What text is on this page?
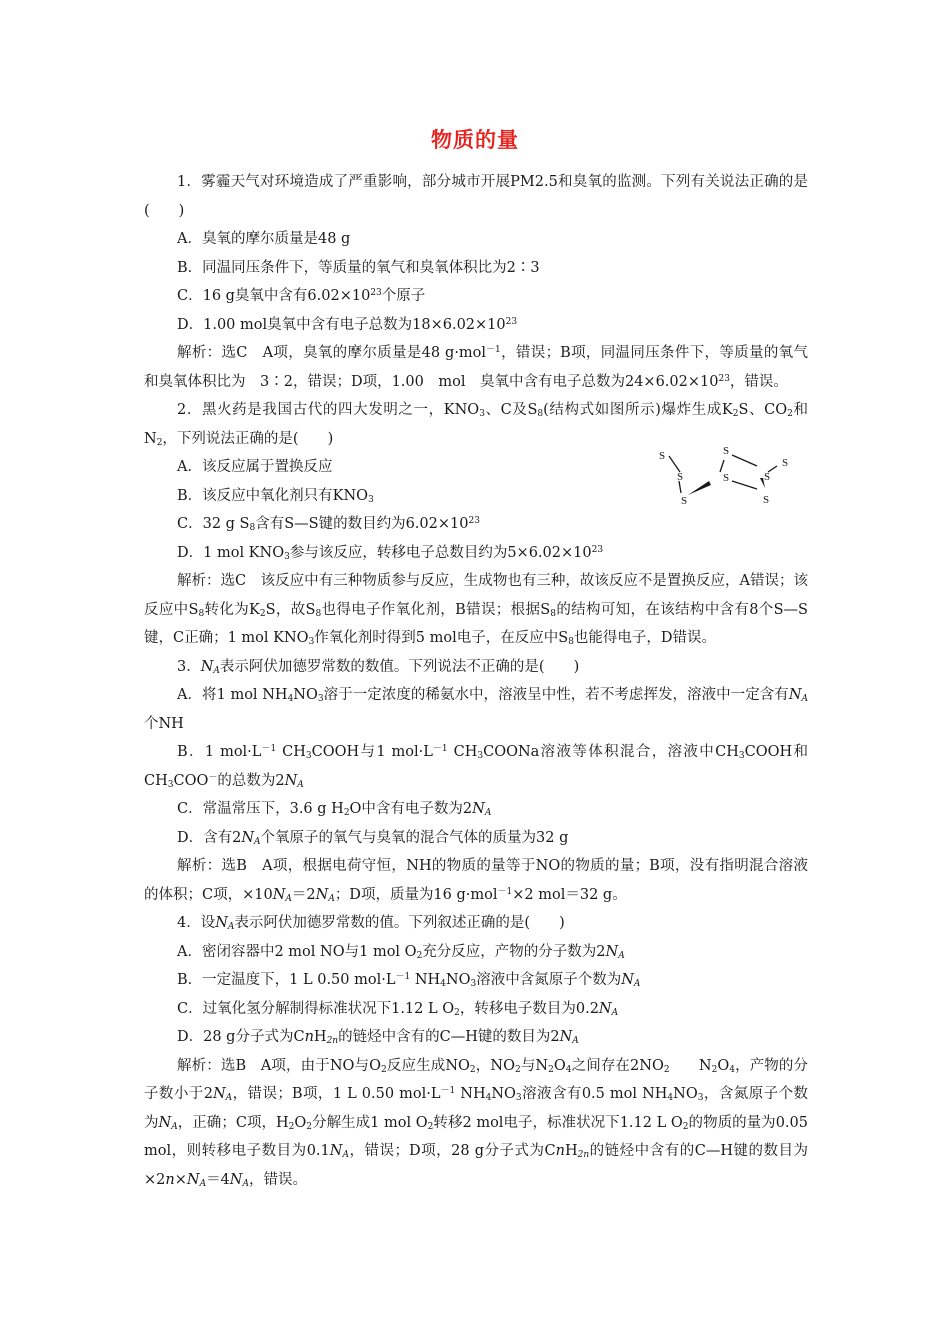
物质的量
S
S
S
S
S
S
S
S

1．雾霾天气对环境造成了严重影响，部分城市开展PM2.5和臭氧的监测。下列有关说法正确的是(　　)

A．臭氧的摩尔质量是48 g

B．同温同压条件下，等质量的氧气和臭氧体积比为2∶3

C．16 g臭氧中含有$6.02\times 10^{23}$个原子

D．1.00 mol臭氧中含有电子总数为$18\times 6.02\times 10^{23}$

解析：选C　A项，臭氧的摩尔质量是48 g·mol$^{-1}$，错误；B项，同温同压条件下，等质量的氧气和臭氧体积比为　3∶2，错误；D项，1.00　mol　臭氧中含有电子总数为$24\times 6.02\times 10^{23}$，错误。

2．黑火药是我国古代的四大发明之一，$KNO_3$、C及$S_8$(结构式如图所示)爆炸生成$K_2S$、$CO_2$和$N_2$，下列说法正确的是(　　)

A．该反应属于置换反应

B．该反应中氧化剂只有$KNO_3$

C．32 g $S_8$含有S—S键的数目约为$6.02\times 10^{23}$

D．1 mol $KNO_3$参与该反应，转移电子总数目约为$5\times 6.02\times 10^{23}$

解析：选C　该反应中有三种物质参与反应，生成物也有三种，故该反应不是置换反应，A错误；该反应中$S_8$转化为$K_2S$，故$S_8$也得电子作氧化剂，B错误；根据$S_8$的结构可知，在该结构中含有8个S—S键，C正确；1 mol $KNO_3$作氧化剂时得到5 mol电子，在反应中$S_8$也能得电子，D错误。

3．$N_A$表示阿伏加德罗常数的数值。下列说法不正确的是(　　)

A．将1 mol $NH_4NO_3$溶于一定浓度的稀氨水中，溶液呈中性，若不考虑挥发，溶液中一定含有$N_A$个NH

B．1 $mol\cdot L^{-1}$ $CH_3COOH$与1 $mol\cdot L^{-1}$ $CH_3COONa$溶液等体积混合，溶液中$CH_3COOH$和$CH_3COO^-$的总数为$2N_A$

C．常温常压下，3.6 g $H_2O$中含有电子数为$2N_A$

D．含有$2N_A$个氧原子的氧气与臭氧的混合气体的质量为32 g

解析：选B　A项，根据电荷守恒，NH的物质的量等于NO的物质的量；B项，没有指明混合溶液的体积；C项，$\times 10N_A=2N_A$；D项，质量为16 g·mol$^{-1}$×2 mol＝32 g。

4．设$N_A$表示阿伏加德罗常数的值。下列叙述正确的是(　　)

A．密闭容器中2 mol NO与1 mol $O_2$充分反应，产物的分子数为$2N_A$

B．一定温度下，1 L 0.50 $mol\cdot L^{-1}$ $NH_4NO_3$溶液中含氮原子个数为$N_A$

C．过氧化氢分解制得标准状况下1.12 L $O_2$，转移电子数目为$0.2N_A$

D．28 g分子式为CnH$_{2n}$的链烃中含有的C—H键的数目为$2N_A$

解析：选B　A项，由于NO与$O_2$反应生成$NO_2$，$NO_2$与$N_2O_4$之间存在$2NO_2$　　$N_2O_4$，产物的分子数小于$2N_A$，错误；B项，1 L 0.50 $mol\cdot L^{-1}$ $NH_4NO_3$溶液含有0.5 mol $NH_4NO_3$，含氮原子个数为$N_A$，正确；C项，$H_2O_2$分解生成1 mol $O_2$转移2 mol电子，标准状况下1.12 L $O_2$的物质的量为0.05 mol，则转移电子数目为$0.1N_A$，错误；D项，28 g分子式为CnH$_{2n}$的链烃中含有的C—H键的数目为$\times 2n\times N_A=4N_A$，错误。
